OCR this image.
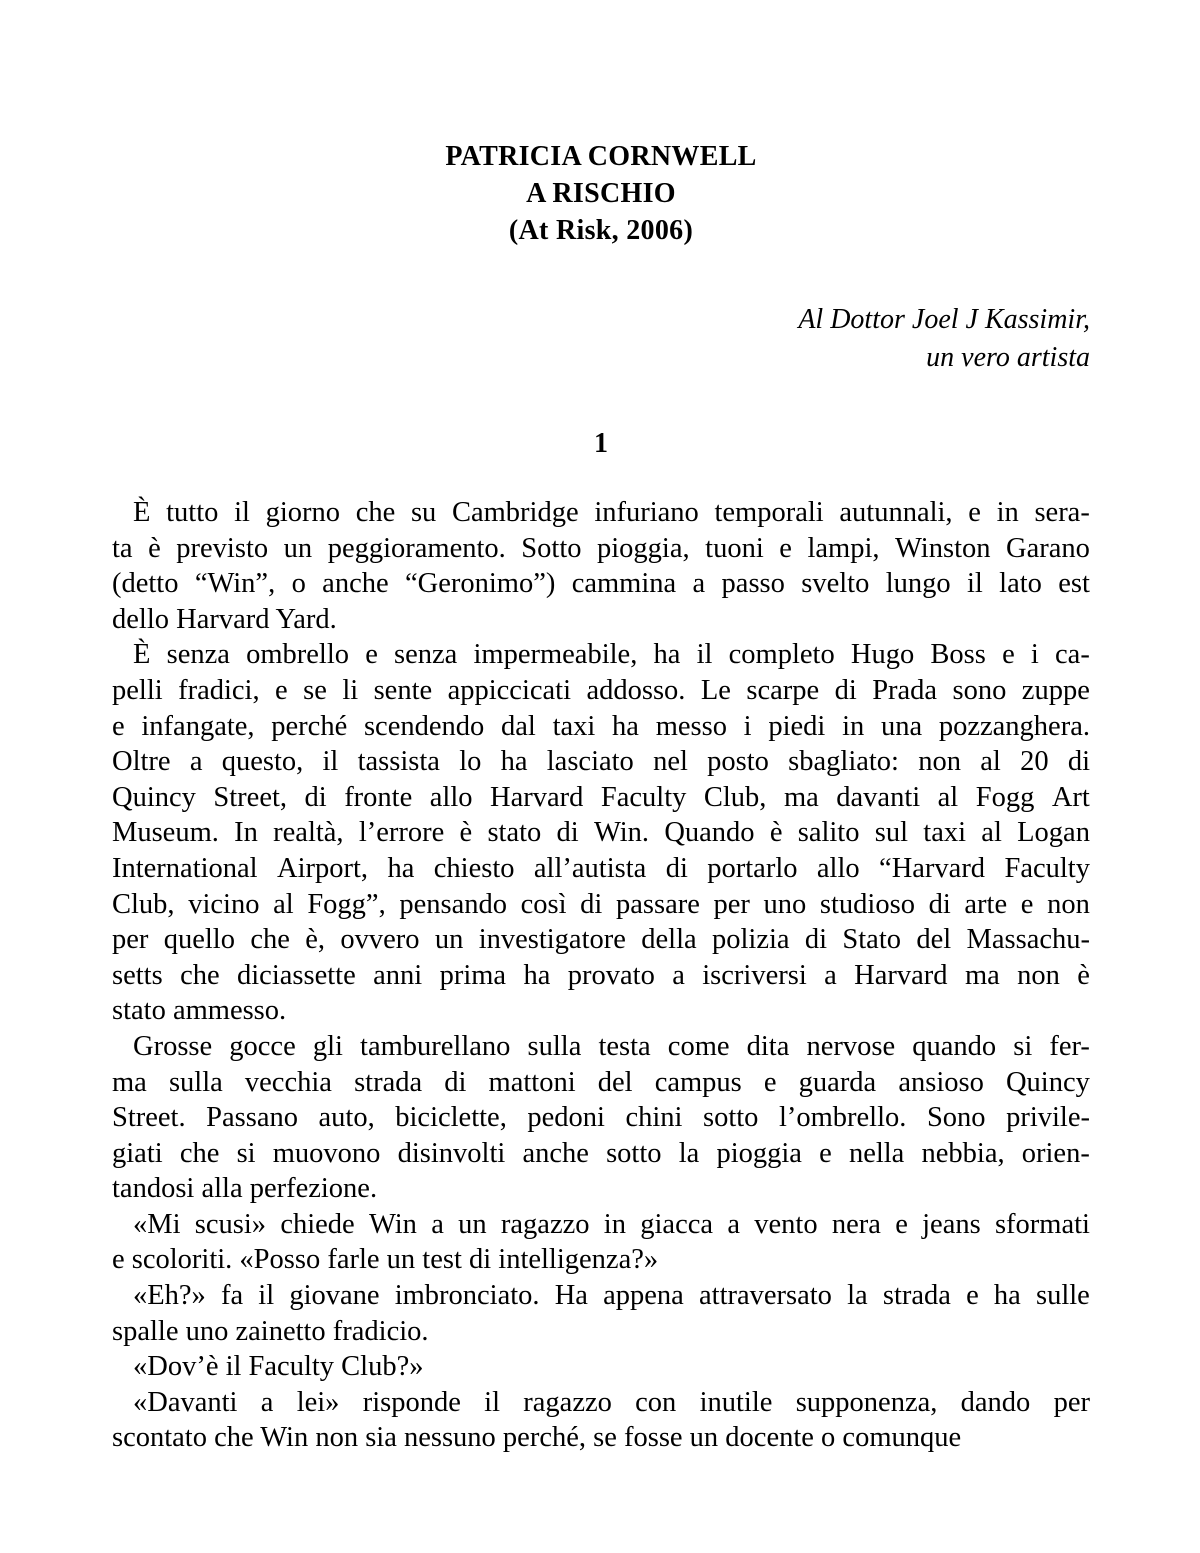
PATRICIA CORNWELL
A RISCHIO
(At Risk, 2006)
Al Dottor Joel J Kassimir,
un vero artista
1
È tutto il giorno che su Cambridge infuriano temporali autunnali, e in sera-
ta è previsto un peggioramento. Sotto pioggia, tuoni e lampi, Winston Garano
(detto “Win”, o anche “Geronimo”) cammina a passo svelto lungo il lato est
dello Harvard Yard.
È senza ombrello e senza impermeabile, ha il completo Hugo Boss e i ca-
pelli fradici, e se li sente appiccicati addosso. Le scarpe di Prada sono zuppe
e infangate, perché scendendo dal taxi ha messo i piedi in una pozzanghera.
Oltre a questo, il tassista lo ha lasciato nel posto sbagliato: non al 20 di
Quincy Street, di fronte allo Harvard Faculty Club, ma davanti al Fogg Art
Museum. In realtà, l’errore è stato di Win. Quando è salito sul taxi al Logan
International Airport, ha chiesto all’autista di portarlo allo “Harvard Faculty
Club, vicino al Fogg”, pensando così di passare per uno studioso di arte e non
per quello che è, ovvero un investigatore della polizia di Stato del Massachu-
setts che diciassette anni prima ha provato a iscriversi a Harvard ma non è
stato ammesso.
Grosse gocce gli tamburellano sulla testa come dita nervose quando si fer-
ma sulla vecchia strada di mattoni del campus e guarda ansioso Quincy
Street. Passano auto, biciclette, pedoni chini sotto l’ombrello. Sono privile-
giati che si muovono disinvolti anche sotto la pioggia e nella nebbia, orien-
tandosi alla perfezione.
«Mi scusi» chiede Win a un ragazzo in giacca a vento nera e jeans sformati
e scoloriti. «Posso farle un test di intelligenza?»
«Eh?» fa il giovane imbronciato. Ha appena attraversato la strada e ha sulle
spalle uno zainetto fradicio.
«Dov’è il Faculty Club?»
«Davanti a lei» risponde il ragazzo con inutile supponenza, dando per
scontato che Win non sia nessuno perché, se fosse un docente o comunque
